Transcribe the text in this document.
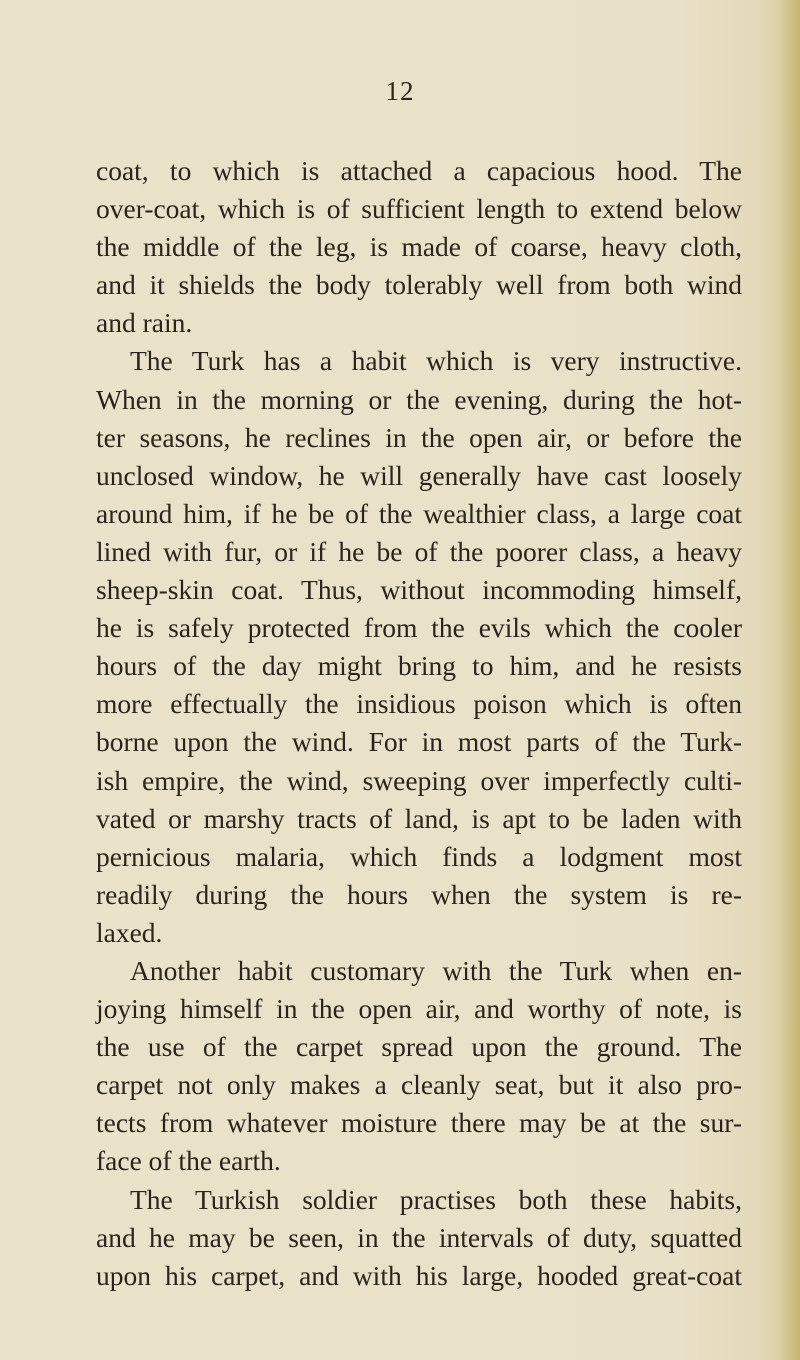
12
coat, to which is attached a capacious hood. The
over-coat, which is of sufficient length to extend below
the middle of the leg, is made of coarse, heavy cloth,
and it shields the body tolerably well from both wind
and rain.
The Turk has a habit which is very instructive.
When in the morning or the evening, during the hot-
ter seasons, he reclines in the open air, or before the
unclosed window, he will generally have cast loosely
around him, if he be of the wealthier class, a large coat
lined with fur, or if he be of the poorer class, a heavy
sheep-skin coat. Thus, without incommoding himself,
he is safely protected from the evils which the cooler
hours of the day might bring to him, and he resists
more effectually the insidious poison which is often
borne upon the wind. For in most parts of the Turk-
ish empire, the wind, sweeping over imperfectly culti-
vated or marshy tracts of land, is apt to be laden with
pernicious malaria, which finds a lodgment most
readily during the hours when the system is re-
laxed.
Another habit customary with the Turk when en-
joying himself in the open air, and worthy of note, is
the use of the carpet spread upon the ground. The
carpet not only makes a cleanly seat, but it also pro-
tects from whatever moisture there may be at the sur-
face of the earth.
The Turkish soldier practises both these habits,
and he may be seen, in the intervals of duty, squatted
upon his carpet, and with his large, hooded great-coat
